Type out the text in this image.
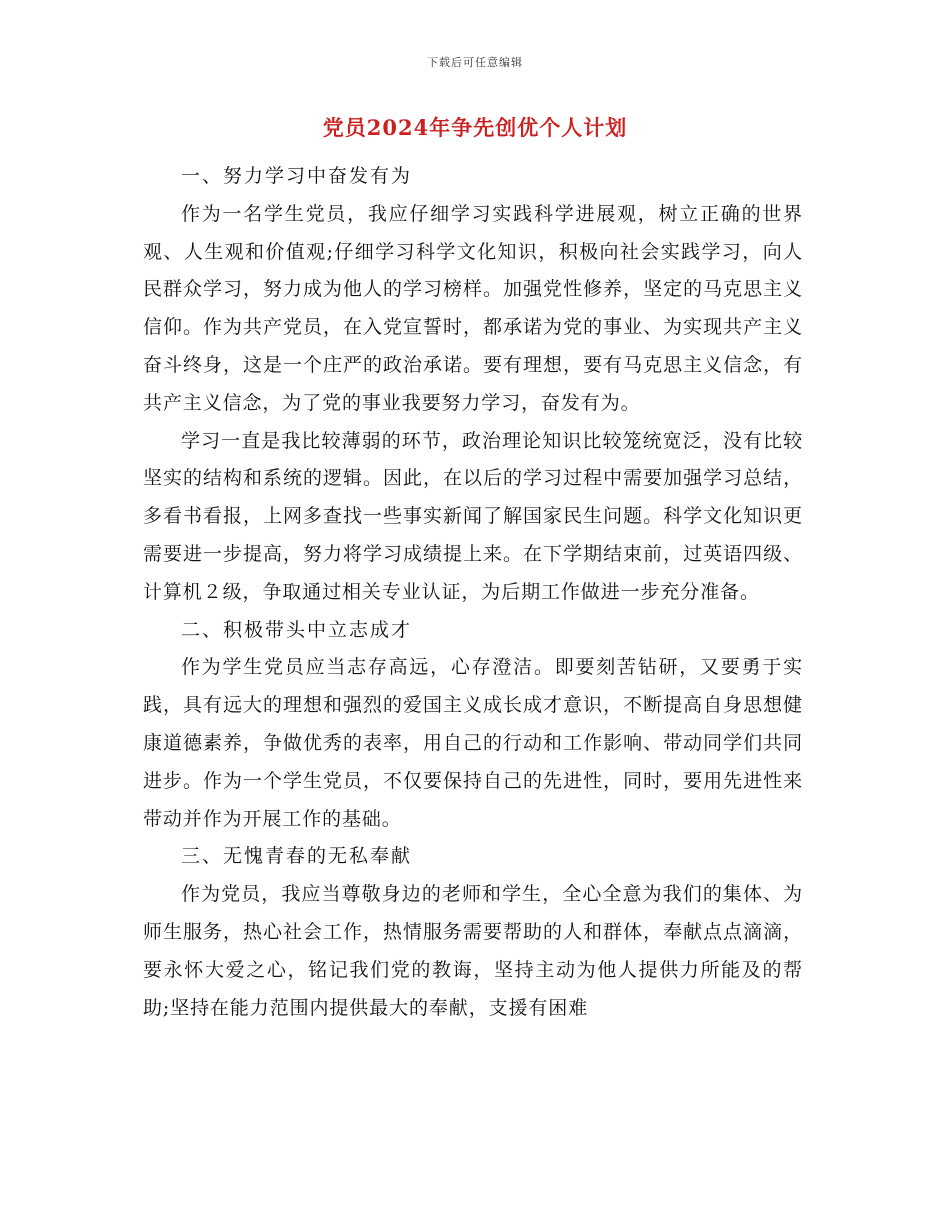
下载后可任意编辑
党员2024年争先创优个人计划

一、努力学习中奋发有为

作为一名学生党员，我应仔细学习实践科学进展观，树立正确的世界观、人生观和价值观;仔细学习科学文化知识，积极向社会实践学习，向人民群众学习，努力成为他人的学习榜样。加强党性修养，坚定的马克思主义信仰。作为共产党员，在入党宣誓时，都承诺为党的事业、为实现共产主义奋斗终身，这是一个庄严的政治承诺。要有理想，要有马克思主义信念，有共产主义信念，为了党的事业我要努力学习，奋发有为。

学习一直是我比较薄弱的环节，政治理论知识比较笼统宽泛，没有比较坚实的结构和系统的逻辑。因此，在以后的学习过程中需要加强学习总结，多看书看报，上网多查找一些事实新闻了解国家民生问题。科学文化知识更需要进一步提高，努力将学习成绩提上来。在下学期结束前，过英语四级、计算机２级，争取通过相关专业认证，为后期工作做进一步充分准备。

二、积极带头中立志成才

作为学生党员应当志存高远，心存澄洁。即要刻苦钻研，又要勇于实践，具有远大的理想和强烈的爱国主义成长成才意识，不断提高自身思想健康道德素养，争做优秀的表率，用自己的行动和工作影响、带动同学们共同进步。作为一个学生党员，不仅要保持自己的先进性，同时，要用先进性来带动并作为开展工作的基础。

三、无愧青春的无私奉献

作为党员，我应当尊敬身边的老师和学生，全心全意为我们的集体、为师生服务，热心社会工作，热情服务需要帮助的人和群体，奉献点点滴滴，要永怀大爱之心，铭记我们党的教诲，坚持主动为他人提供力所能及的帮助;坚持在能力范围内提供最大的奉献，支援有困难
